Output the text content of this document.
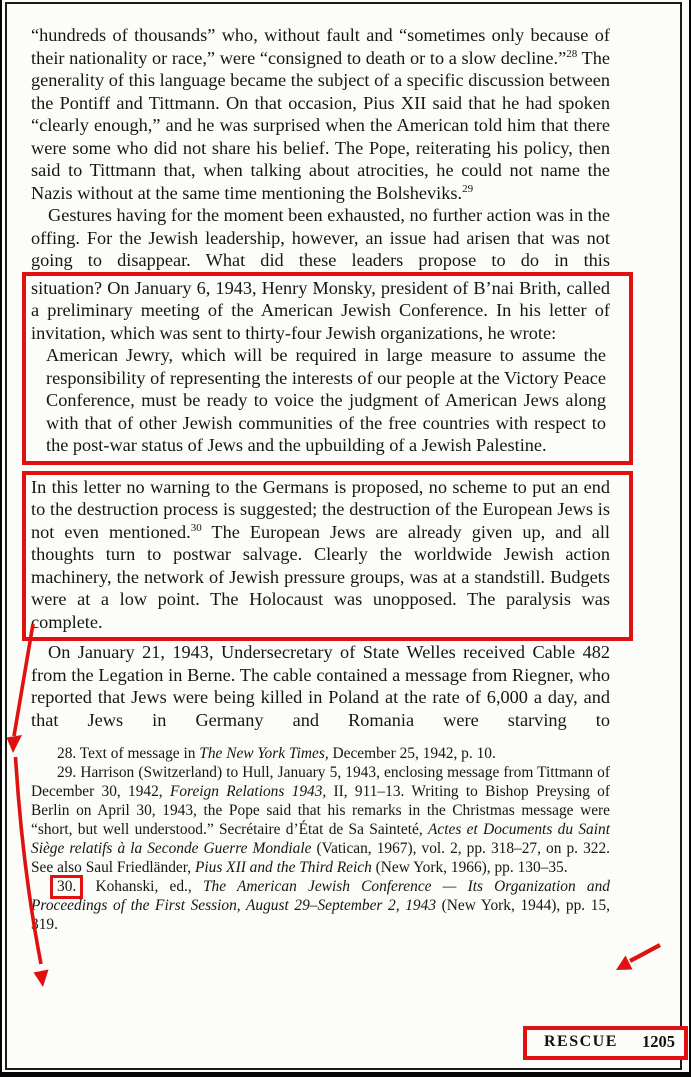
“hundreds of thousands” who, without fault and “sometimes only because of their nationality or race,” were “consigned to death or to a slow decline.”$^{28}$ The generality of this language became the subject of a specific discussion between the Pontiff and Tittmann. On that occasion, Pius XII said that he had spoken “clearly enough,” and he was surprised when the American told him that there were some who did not share his belief. The Pope, reiterating his policy, then said to Tittmann that, when talking about atrocities, he could not name the Nazis without at the same time mentioning the Bolsheviks.$^{29}$

Gestures having for the moment been exhausted, no further action was in the offing. For the Jewish leadership, however, an issue had arisen that was not going to disappear. What did these leaders propose to do in this

situation? On January 6, 1943, Henry Monsky, president of B’nai Brith, called a preliminary meeting of the American Jewish Conference. In his letter of invitation, which was sent to thirty-four Jewish organizations, he wrote:

American Jewry, which will be required in large measure to assume the responsibility of representing the interests of our people at the Victory Peace Conference, must be ready to voice the judgment of American Jews along with that of other Jewish communities of the free countries with respect to the post-war status of Jews and the upbuilding of a Jewish Palestine.

In this letter no warning to the Germans is proposed, no scheme to put an end to the destruction process is suggested; the destruction of the European Jews is not even mentioned.$^{30}$ The European Jews are already given up, and all thoughts turn to postwar salvage. Clearly the worldwide Jewish action machinery, the network of Jewish pressure groups, was at a standstill. Budgets were at a low point. The Holocaust was unopposed. The paralysis was complete.

On January 21, 1943, Undersecretary of State Welles received Cable 482 from the Legation in Berne. The cable contained a message from Riegner, who reported that Jews were being killed in Poland at the rate of 6,000 a day, and that Jews in Germany and Romania were starving to

28. Text of message in The New York Times, December 25, 1942, p. 10.

29. Harrison (Switzerland) to Hull, January 5, 1943, enclosing message from Tittmann of December 30, 1942, Foreign Relations 1943, II, 911–13. Writing to Bishop Preysing of Berlin on April 30, 1943, the Pope said that his remarks in the Christmas message were “short, but well understood.” Secrétaire d’État de Sa Sainteté, Actes et Documents du Saint Siège relatifs à la Seconde Guerre Mondiale (Vatican, 1967), vol. 2, pp. 318–27, on p. 322. See also Saul Friedländer, Pius XII and the Third Reich (New York, 1966), pp. 130–35.

30. Kohanski, ed., The American Jewish Conference — Its Organization and Proceedings of the First Session, August 29–September 2, 1943 (New York, 1944), pp. 15, 319.

RESCUE 1205
